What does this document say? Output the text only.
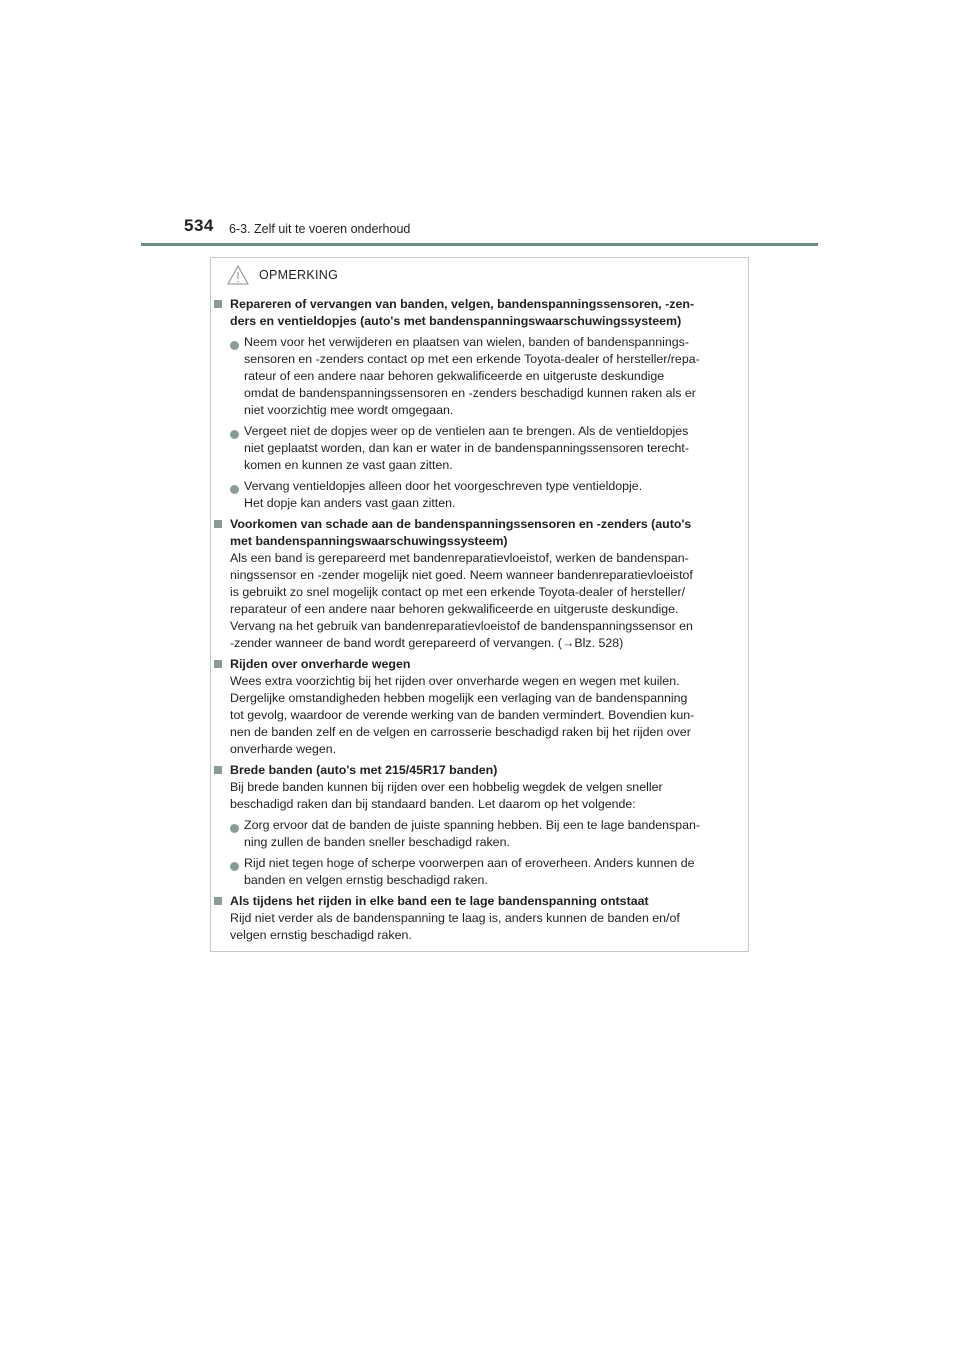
534 6-3. Zelf uit te voeren onderhoud
OPMERKING
Repareren of vervangen van banden, velgen, bandenspanningssensoren, -zen-
ders en ventieldopjes (auto's met bandenspanningswaarschuwingssysteem)
Neem voor het verwijderen en plaatsen van wielen, banden of bandenspannings-
sensoren en -zenders contact op met een erkende Toyota-dealer of hersteller/repa-
rateur of een andere naar behoren gekwalificeerde en uitgeruste deskundige
omdat de bandenspanningssensoren en -zenders beschadigd kunnen raken als er
niet voorzichtig mee wordt omgegaan.
Vergeet niet de dopjes weer op de ventielen aan te brengen. Als de ventieldopjes
niet geplaatst worden, dan kan er water in de bandenspanningssensoren terecht-
komen en kunnen ze vast gaan zitten.
Vervang ventieldopjes alleen door het voorgeschreven type ventieldopje.
Het dopje kan anders vast gaan zitten.
Voorkomen van schade aan de bandenspanningssensoren en -zenders (auto's
met bandenspanningswaarschuwingssysteem)
Als een band is gerepareerd met bandenreparatievloeistof, werken de bandenspan-
ningssensor en -zender mogelijk niet goed. Neem wanneer bandenreparatievloeistof
is gebruikt zo snel mogelijk contact op met een erkende Toyota-dealer of hersteller/
reparateur of een andere naar behoren gekwalificeerde en uitgeruste deskundige.
Vervang na het gebruik van bandenreparatievloeistof de bandenspanningssensor en
-zender wanneer de band wordt gerepareerd of vervangen. (→Blz. 528)
Rijden over onverharde wegen
Wees extra voorzichtig bij het rijden over onverharde wegen en wegen met kuilen.
Dergelijke omstandigheden hebben mogelijk een verlaging van de bandenspanning
tot gevolg, waardoor de verende werking van de banden vermindert. Bovendien kun-
nen de banden zelf en de velgen en carrosserie beschadigd raken bij het rijden over
onverharde wegen.
Brede banden (auto's met 215/45R17 banden)
Bij brede banden kunnen bij rijden over een hobbelig wegdek de velgen sneller
beschadigd raken dan bij standaard banden. Let daarom op het volgende:
Zorg ervoor dat de banden de juiste spanning hebben. Bij een te lage bandenspan-
ning zullen de banden sneller beschadigd raken.
Rijd niet tegen hoge of scherpe voorwerpen aan of eroverheen. Anders kunnen de
banden en velgen ernstig beschadigd raken.
Als tijdens het rijden in elke band een te lage bandenspanning ontstaat
Rijd niet verder als de bandenspanning te laag is, anders kunnen de banden en/of
velgen ernstig beschadigd raken.
